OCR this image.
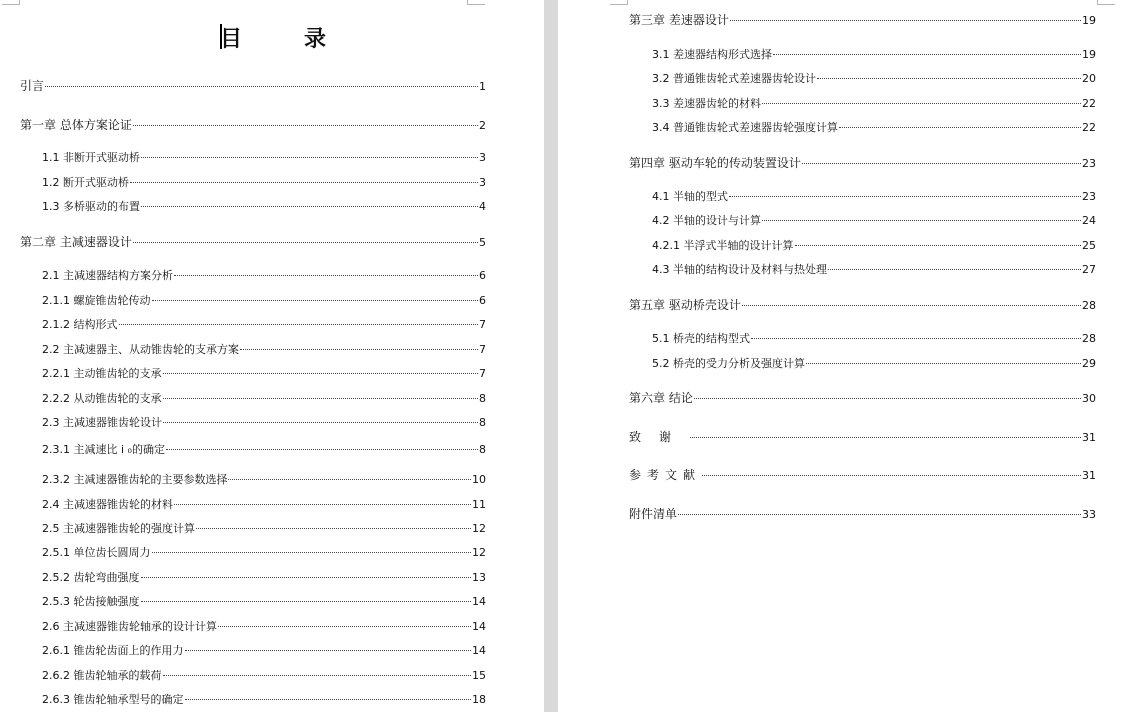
目　录
引言	1
第一章 总体方案论证	2
1.1 非断开式驱动桥	3
1.2 断开式驱动桥	3
1.3 多桥驱动的布置	4
第二章 主减速器设计	5
2.1 主减速器结构方案分析	6
2.1.1 螺旋锥齿轮传动	6
2.1.2 结构形式	7
2.2 主减速器主、从动锥齿轮的支承方案	7
2.2.1 主动锥齿轮的支承	7
2.2.2 从动锥齿轮的支承	8
2.3 主减速器锥齿轮设计	8
2.3.1 主减速比 i ₀的确定	8
2.3.2 主减速器锥齿轮的主要参数选择	10
2.4 主减速器锥齿轮的材料	11
2.5 主减速器锥齿轮的强度计算	12
2.5.1 单位齿长圆周力	12
2.5.2 齿轮弯曲强度	13
2.5.3 轮齿接触强度	14
2.6 主减速器锥齿轮轴承的设计计算	14
2.6.1 锥齿轮齿面上的作用力	14
2.6.2 锥齿轮轴承的载荷	15
2.6.3 锥齿轮轴承型号的确定	18
第三章 差速器设计	19
3.1 差速器结构形式选择	19
3.2 普通锥齿轮式差速器齿轮设计	20
3.3 差速器齿轮的材料	22
3.4 普通锥齿轮式差速器齿轮强度计算	22
第四章 驱动车轮的传动装置设计	23
4.1 半轴的型式	23
4.2 半轴的设计与计算	24
4.2.1 半浮式半轴的设计计算	25
4.3 半轴的结构设计及材料与热处理	27
第五章 驱动桥壳设计	28
5.1 桥壳的结构型式	28
5.2 桥壳的受力分析及强度计算	29
第六章 结论	30
致谢	31
参考文献	31
附件清单	33
